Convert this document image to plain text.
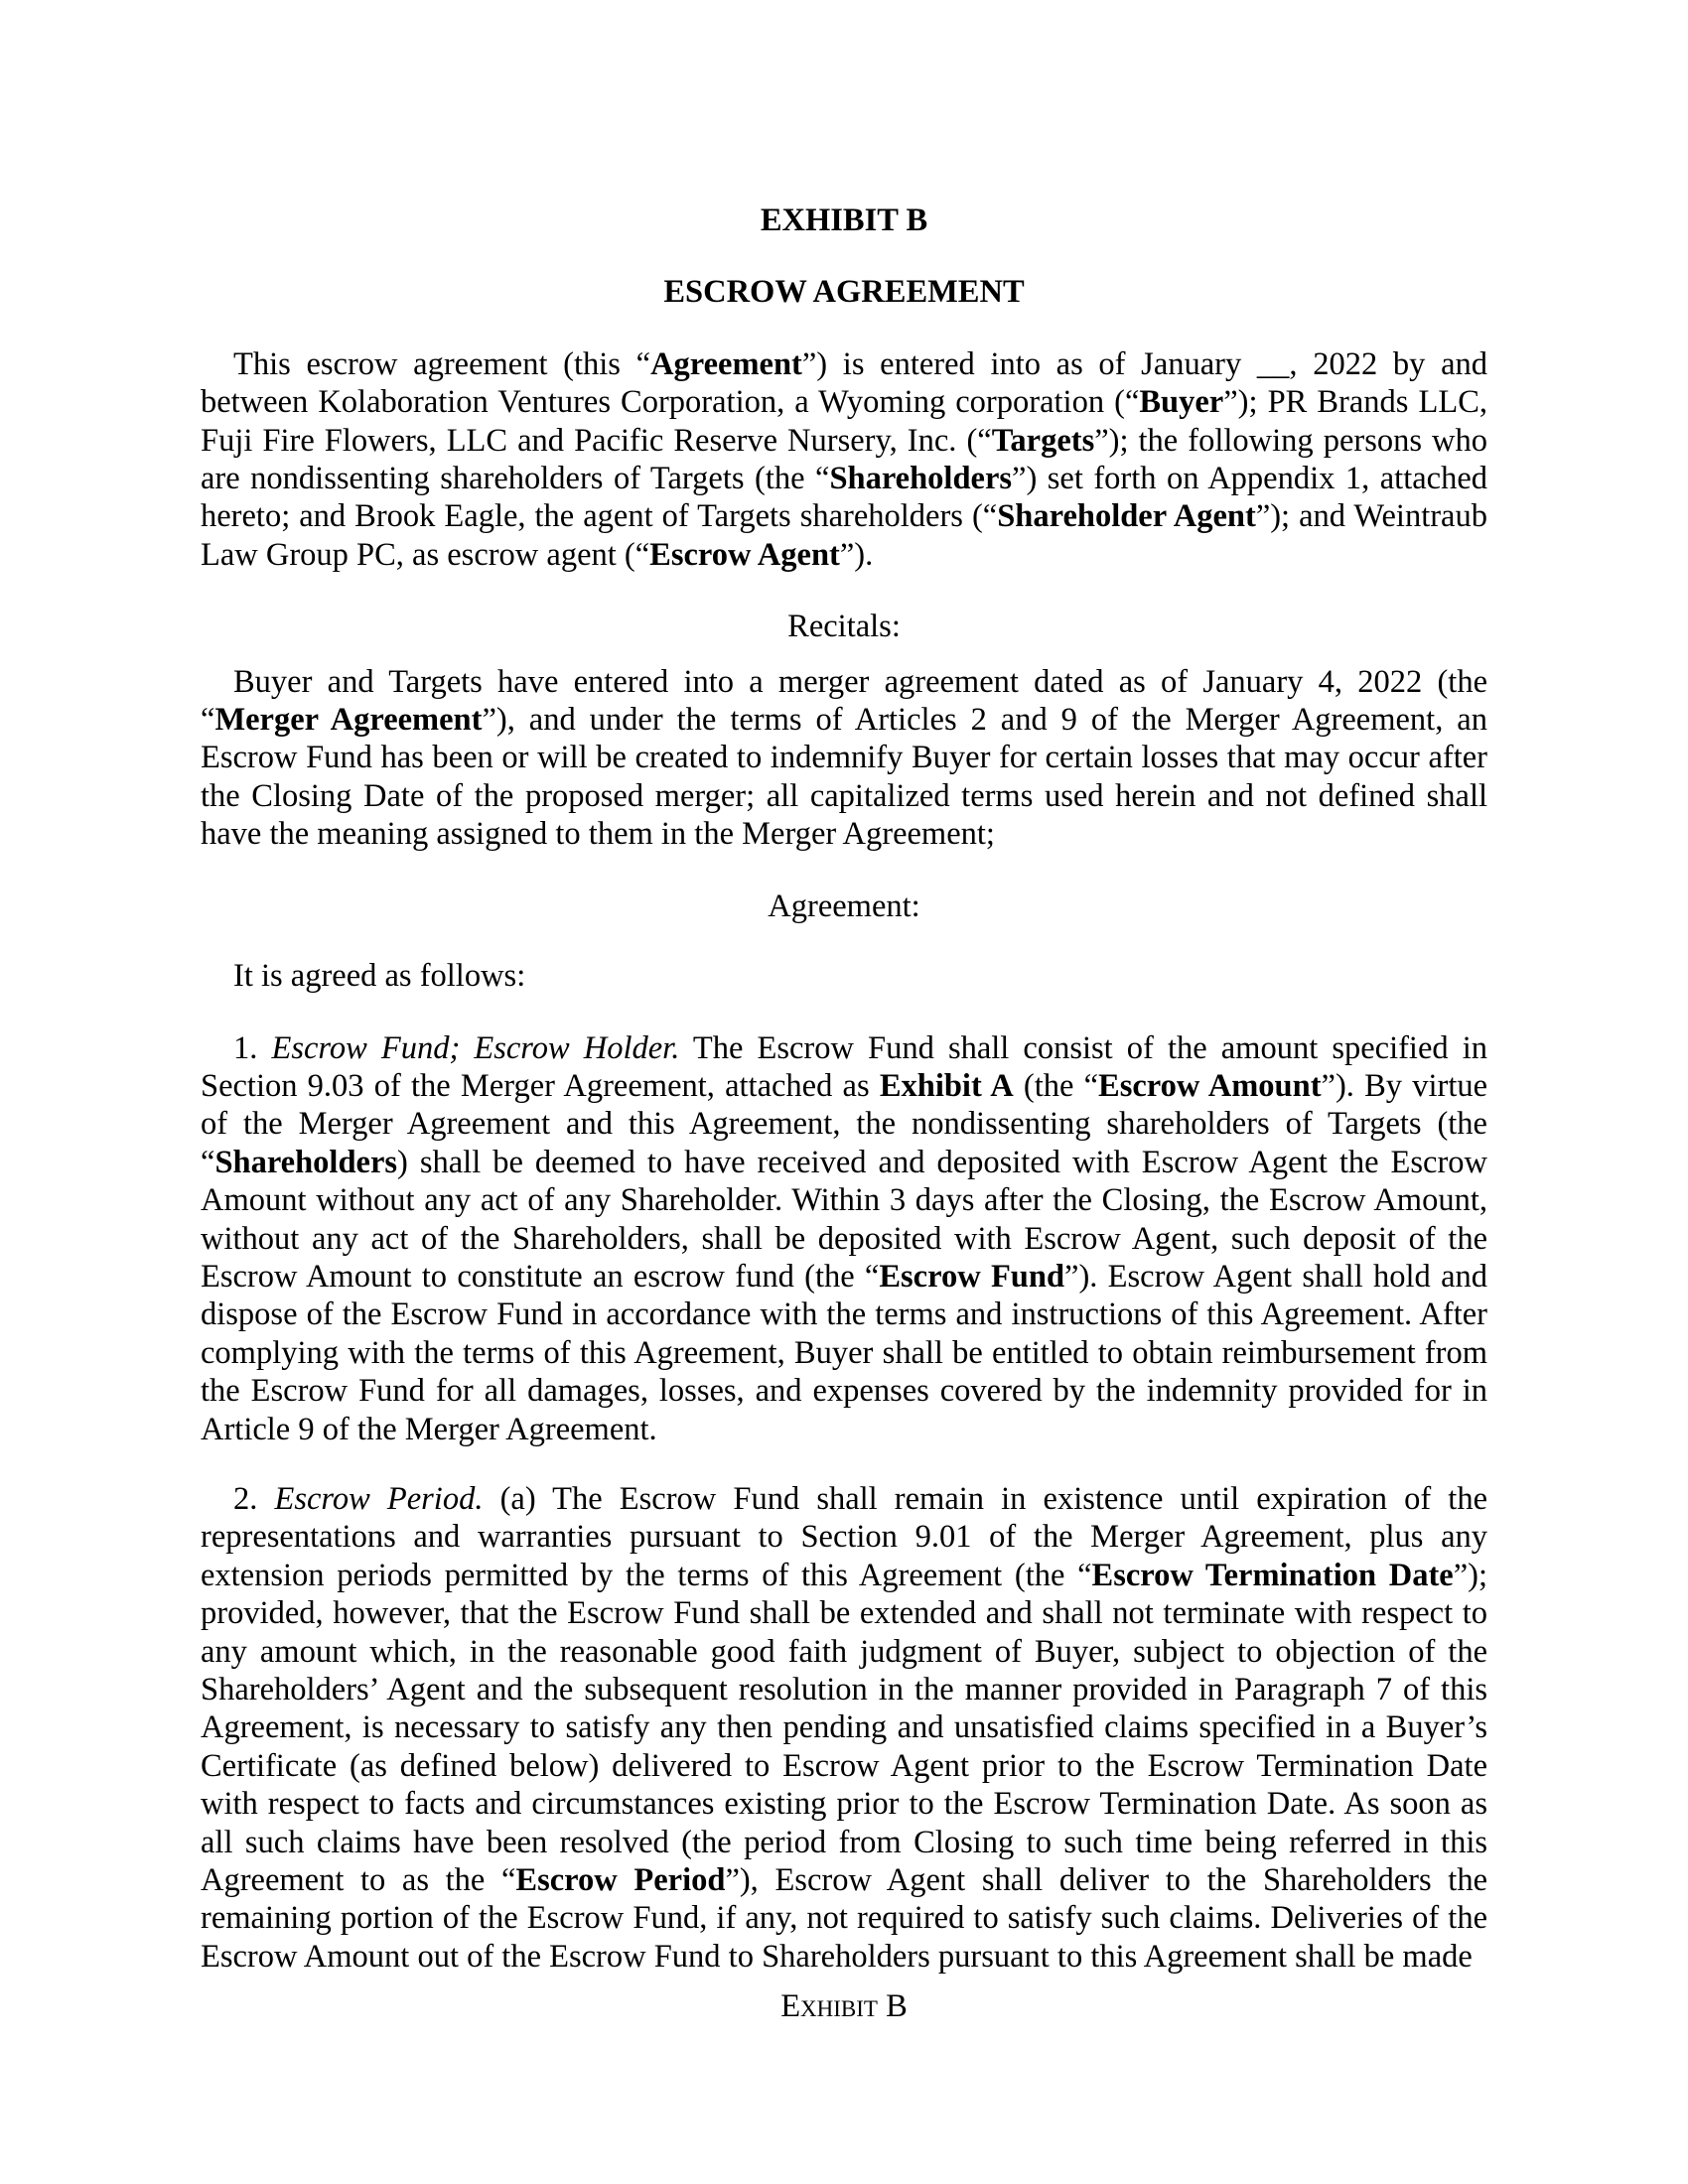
EXHIBIT B

ESCROW AGREEMENT

This escrow agreement (this “Agreement”) is entered into as of January __, 2022 by and between Kolaboration Ventures Corporation, a Wyoming corporation (“Buyer”); PR Brands LLC, Fuji Fire Flowers, LLC and Pacific Reserve Nursery, Inc. (“Targets”); the following persons who are nondissenting shareholders of Targets (the “Shareholders”) set forth on Appendix 1, attached hereto; and Brook Eagle, the agent of Targets shareholders (“Shareholder Agent”); and Weintraub Law Group PC, as escrow agent (“Escrow Agent”).

Recitals:

Buyer and Targets have entered into a merger agreement dated as of January 4, 2022 (the “Merger Agreement”), and under the terms of Articles 2 and 9 of the Merger Agreement, an Escrow Fund has been or will be created to indemnify Buyer for certain losses that may occur after the Closing Date of the proposed merger; all capitalized terms used herein and not defined shall have the meaning assigned to them in the Merger Agreement;

Agreement:

It is agreed as follows:

1. Escrow Fund; Escrow Holder. The Escrow Fund shall consist of the amount specified in Section 9.03 of the Merger Agreement, attached as Exhibit A (the “Escrow Amount”). By virtue of the Merger Agreement and this Agreement, the nondissenting shareholders of Targets (the “Shareholders) shall be deemed to have received and deposited with Escrow Agent the Escrow Amount without any act of any Shareholder. Within 3 days after the Closing, the Escrow Amount, without any act of the Shareholders, shall be deposited with Escrow Agent, such deposit of the Escrow Amount to constitute an escrow fund (the “Escrow Fund”). Escrow Agent shall hold and dispose of the Escrow Fund in accordance with the terms and instructions of this Agreement. After complying with the terms of this Agreement, Buyer shall be entitled to obtain reimbursement from the Escrow Fund for all damages, losses, and expenses covered by the indemnity provided for in Article 9 of the Merger Agreement.

2. Escrow Period. (a) The Escrow Fund shall remain in existence until expiration of the representations and warranties pursuant to Section 9.01 of the Merger Agreement, plus any extension periods permitted by the terms of this Agreement (the “Escrow Termination Date”); provided, however, that the Escrow Fund shall be extended and shall not terminate with respect to any amount which, in the reasonable good faith judgment of Buyer, subject to objection of the Shareholders’ Agent and the subsequent resolution in the manner provided in Paragraph 7 of this Agreement, is necessary to satisfy any then pending and unsatisfied claims specified in a Buyer’s Certificate (as defined below) delivered to Escrow Agent prior to the Escrow Termination Date with respect to facts and circumstances existing prior to the Escrow Termination Date. As soon as all such claims have been resolved (the period from Closing to such time being referred in this Agreement to as the “Escrow Period”), Escrow Agent shall deliver to the Shareholders the remaining portion of the Escrow Fund, if any, not required to satisfy such claims. Deliveries of the Escrow Amount out of the Escrow Fund to Shareholders pursuant to this Agreement shall be made

Exhibit B
